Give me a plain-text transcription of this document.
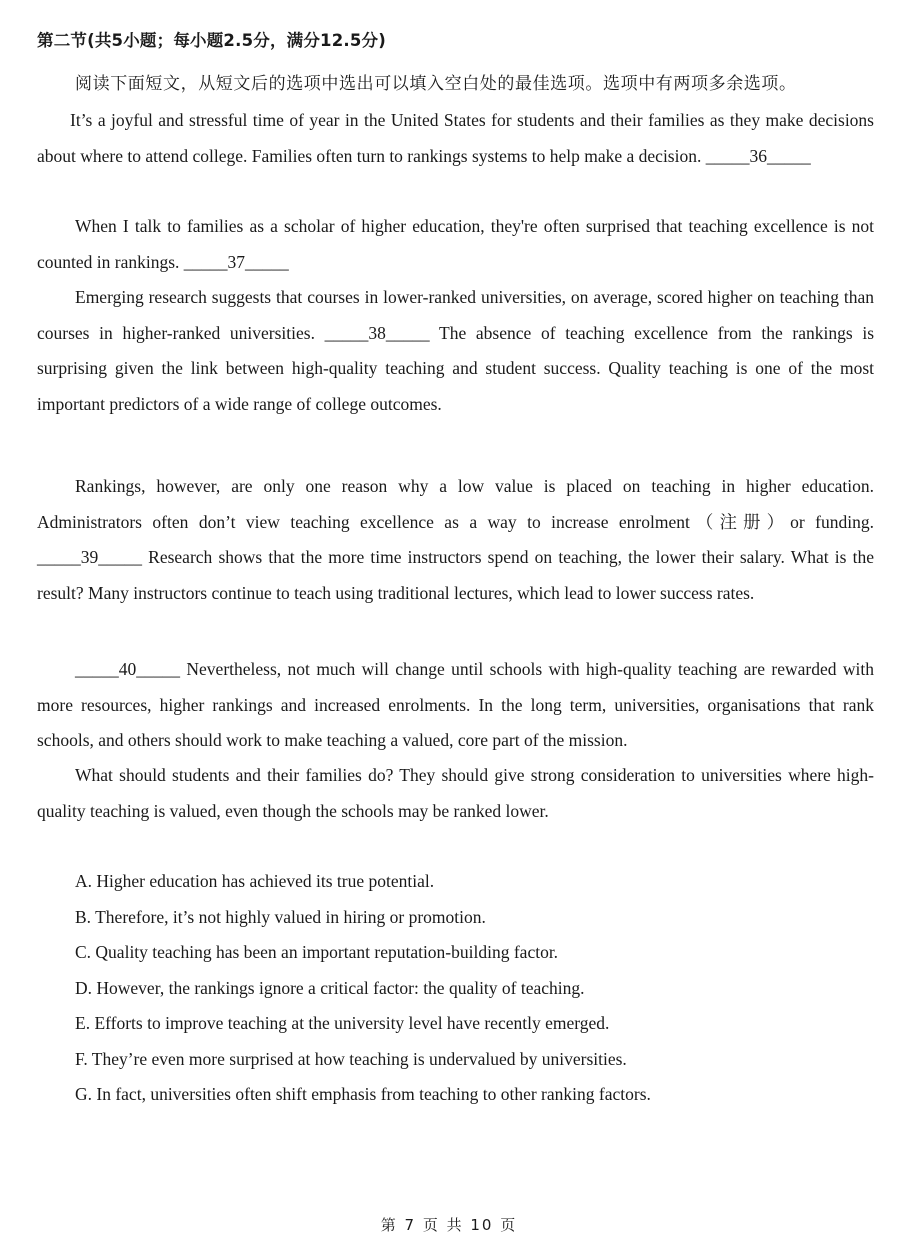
第二节(共5小题；每小题2.5分，满分12.5分)
阅读下面短文，从短文后的选项中选出可以填入空白处的最佳选项。选项中有两项多余选项。

It’s a joyful and stressful time of year in the United States for students and their families as they make decisions about where to attend college. Families often turn to rankings systems to help make a decision. _____36_____

When I talk to families as a scholar of higher education, they're often surprised that teaching excellence is not counted in rankings. _____37_____

Emerging research suggests that courses in lower-ranked universities, on average, scored higher on teaching than courses in higher-ranked universities. _____38_____ The absence of teaching excellence from the rankings is surprising given the link between high-quality teaching and student success. Quality teaching is one of the most important predictors of a wide range of college outcomes.

Rankings, however, are only one reason why a low value is placed on teaching in higher education. Administrators often don’t view teaching excellence as a way to increase enrolment（注册）or funding. _____39_____ Research shows that the more time instructors spend on teaching, the lower their salary. What is the result? Many instructors continue to teach using traditional lectures, which lead to lower success rates.

_____40_____ Nevertheless, not much will change until schools with high-quality teaching are rewarded with more resources, higher rankings and increased enrolments. In the long term, universities, organisations that rank schools, and others should work to make teaching a valued, core part of the mission.

What should students and their families do? They should give strong consideration to universities where high-quality teaching is valued, even though the schools may be ranked lower.

A. Higher education has achieved its true potential.
B. Therefore, it’s not highly valued in hiring or promotion.
C. Quality teaching has been an important reputation-building factor.
D. However, the rankings ignore a critical factor: the quality of teaching.
E. Efforts to improve teaching at the university level have recently emerged.
F. They’re even more surprised at how teaching is undervalued by universities.
G. In fact, universities often shift emphasis from teaching to other ranking factors.
第 7 页 共 10 页
